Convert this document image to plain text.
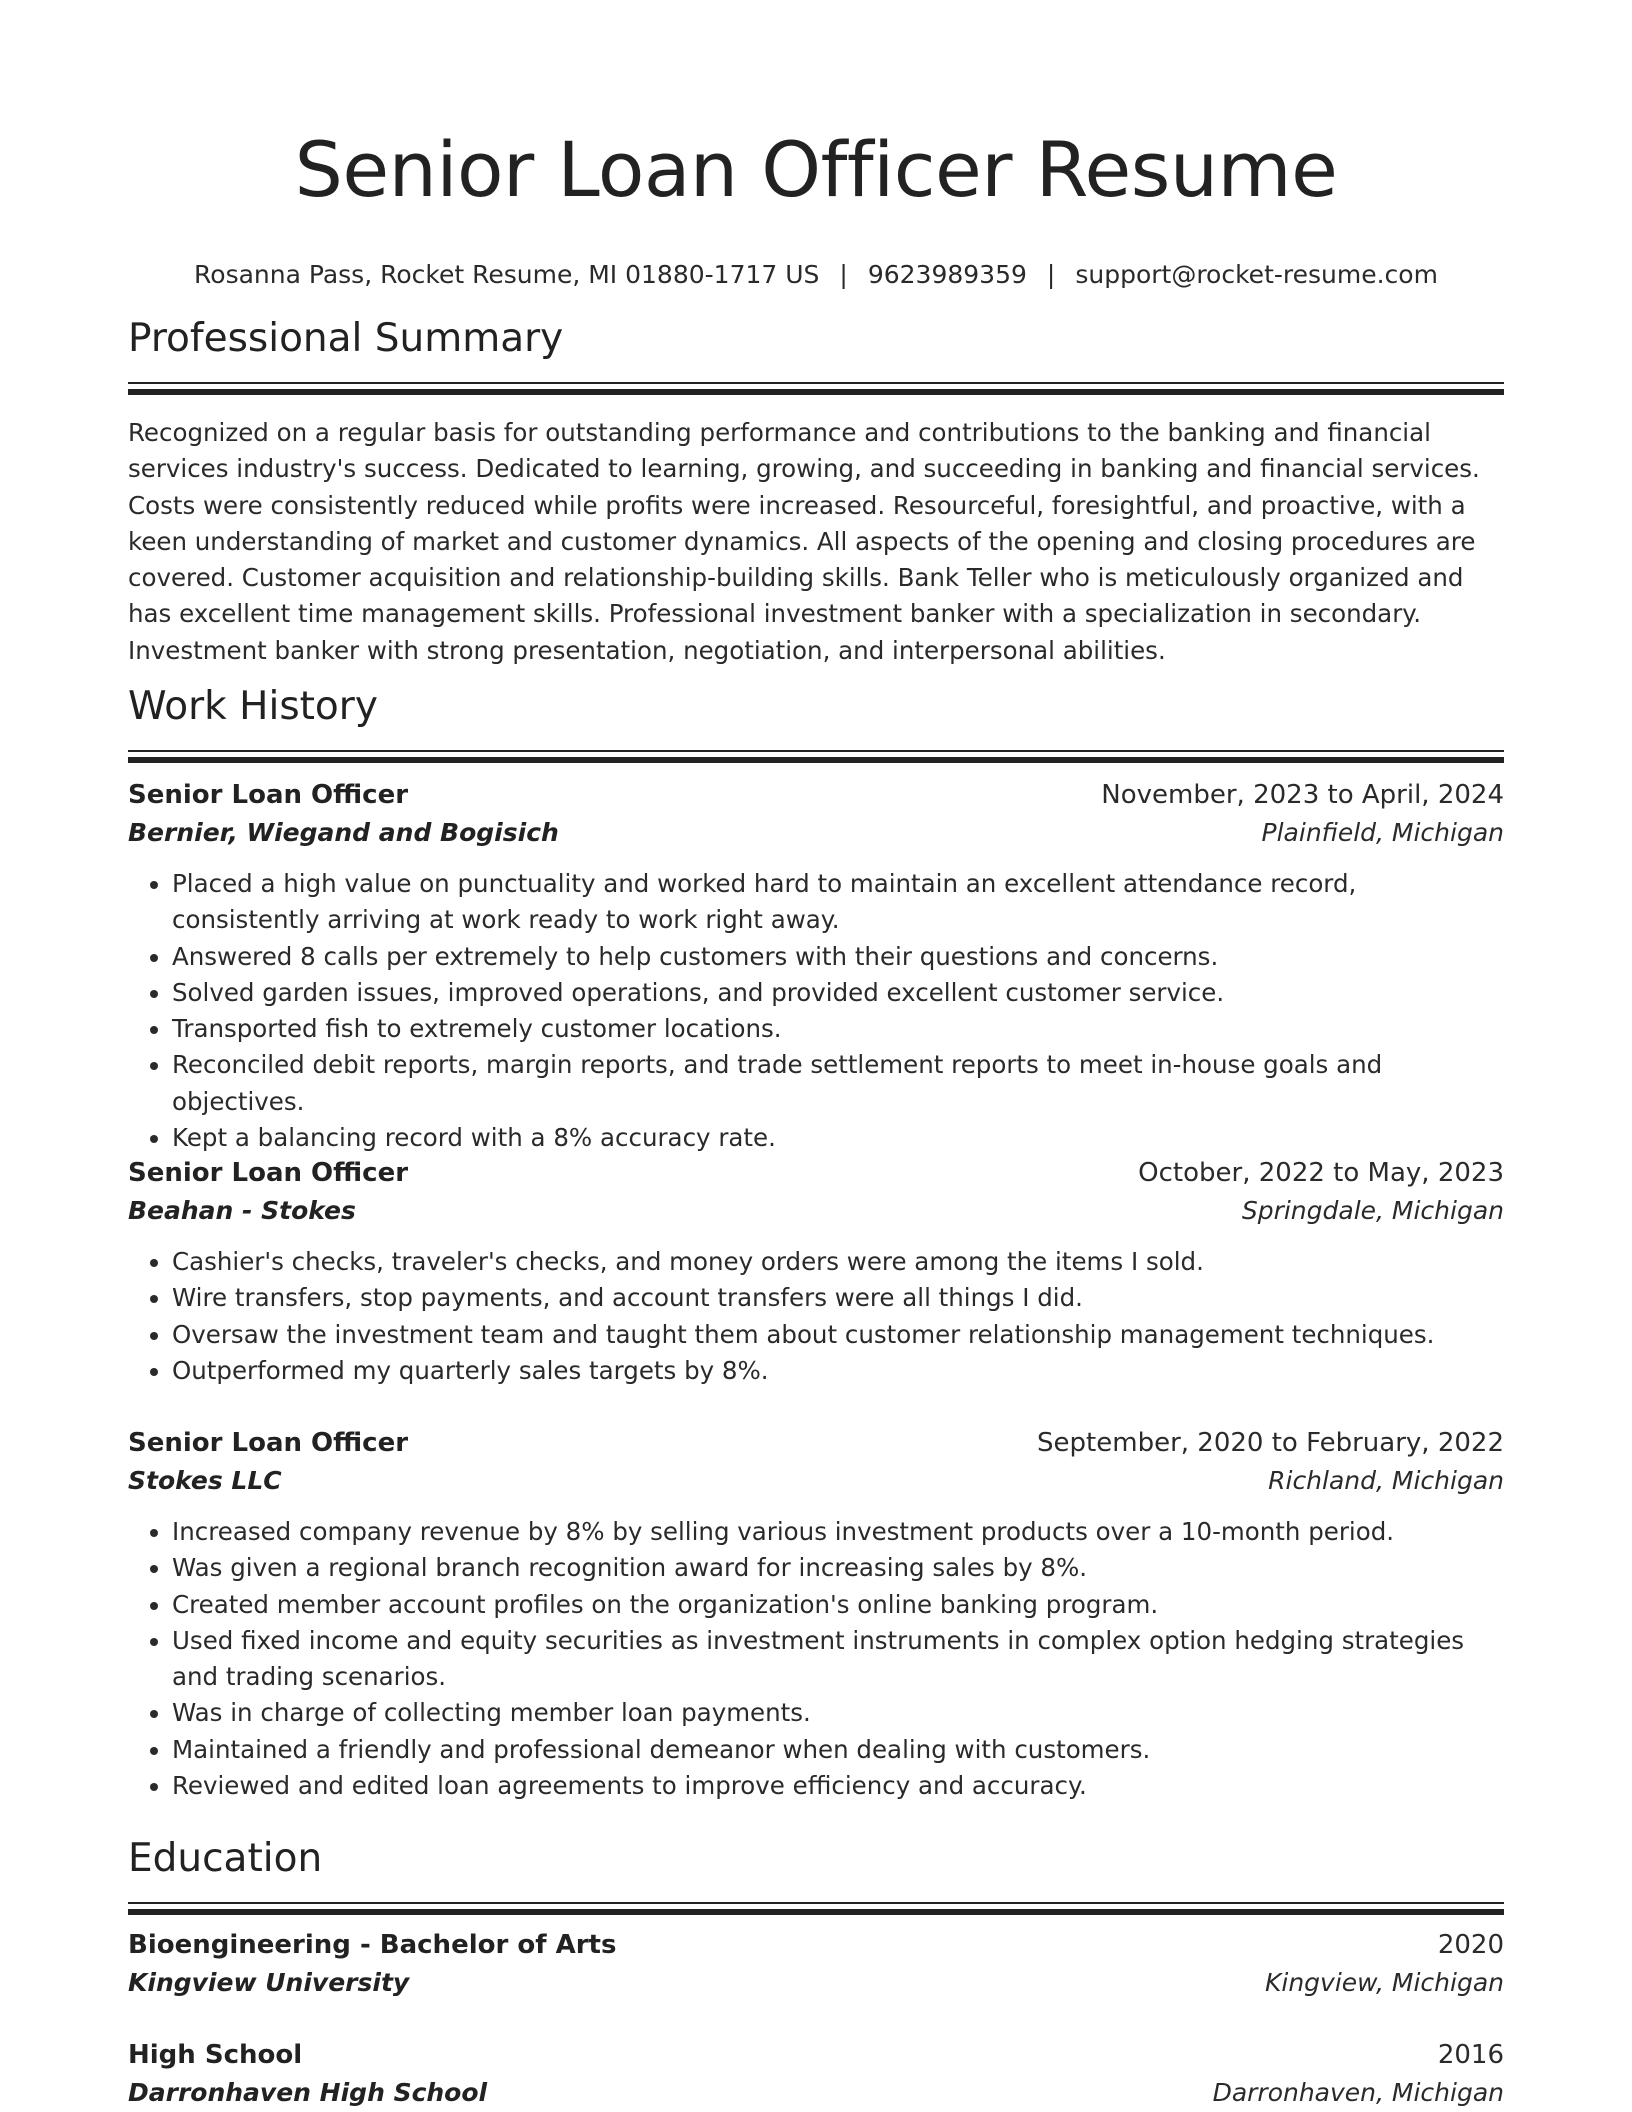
Senior Loan Officer Resume
Rosanna Pass, Rocket Resume, MI 01880-1717 US | 9623989359 | support@rocket-resume.com
Professional Summary
Recognized on a regular basis for outstanding performance and contributions to the banking and financial services industry's success. Dedicated to learning, growing, and succeeding in banking and financial services. Costs were consistently reduced while profits were increased. Resourceful, foresightful, and proactive, with a keen understanding of market and customer dynamics. All aspects of the opening and closing procedures are covered. Customer acquisition and relationship-building skills. Bank Teller who is meticulously organized and has excellent time management skills. Professional investment banker with a specialization in secondary. Investment banker with strong presentation, negotiation, and interpersonal abilities.
Work History
Senior Loan Officer	November, 2023 to April, 2024
Bernier, Wiegand and Bogisich	Plainfield, Michigan
• Placed a high value on punctuality and worked hard to maintain an excellent attendance record, consistently arriving at work ready to work right away.
• Answered 8 calls per extremely to help customers with their questions and concerns.
• Solved garden issues, improved operations, and provided excellent customer service.
• Transported fish to extremely customer locations.
• Reconciled debit reports, margin reports, and trade settlement reports to meet in-house goals and objectives.
• Kept a balancing record with a 8% accuracy rate.
Senior Loan Officer	October, 2022 to May, 2023
Beahan - Stokes	Springdale, Michigan
• Cashier's checks, traveler's checks, and money orders were among the items I sold.
• Wire transfers, stop payments, and account transfers were all things I did.
• Oversaw the investment team and taught them about customer relationship management techniques.
• Outperformed my quarterly sales targets by 8%.
Senior Loan Officer	September, 2020 to February, 2022
Stokes LLC	Richland, Michigan
• Increased company revenue by 8% by selling various investment products over a 10-month period.
• Was given a regional branch recognition award for increasing sales by 8%.
• Created member account profiles on the organization's online banking program.
• Used fixed income and equity securities as investment instruments in complex option hedging strategies and trading scenarios.
• Was in charge of collecting member loan payments.
• Maintained a friendly and professional demeanor when dealing with customers.
• Reviewed and edited loan agreements to improve efficiency and accuracy.
Education
Bioengineering - Bachelor of Arts	2020
Kingview University	Kingview, Michigan
High School	2016
Darronhaven High School	Darronhaven, Michigan
